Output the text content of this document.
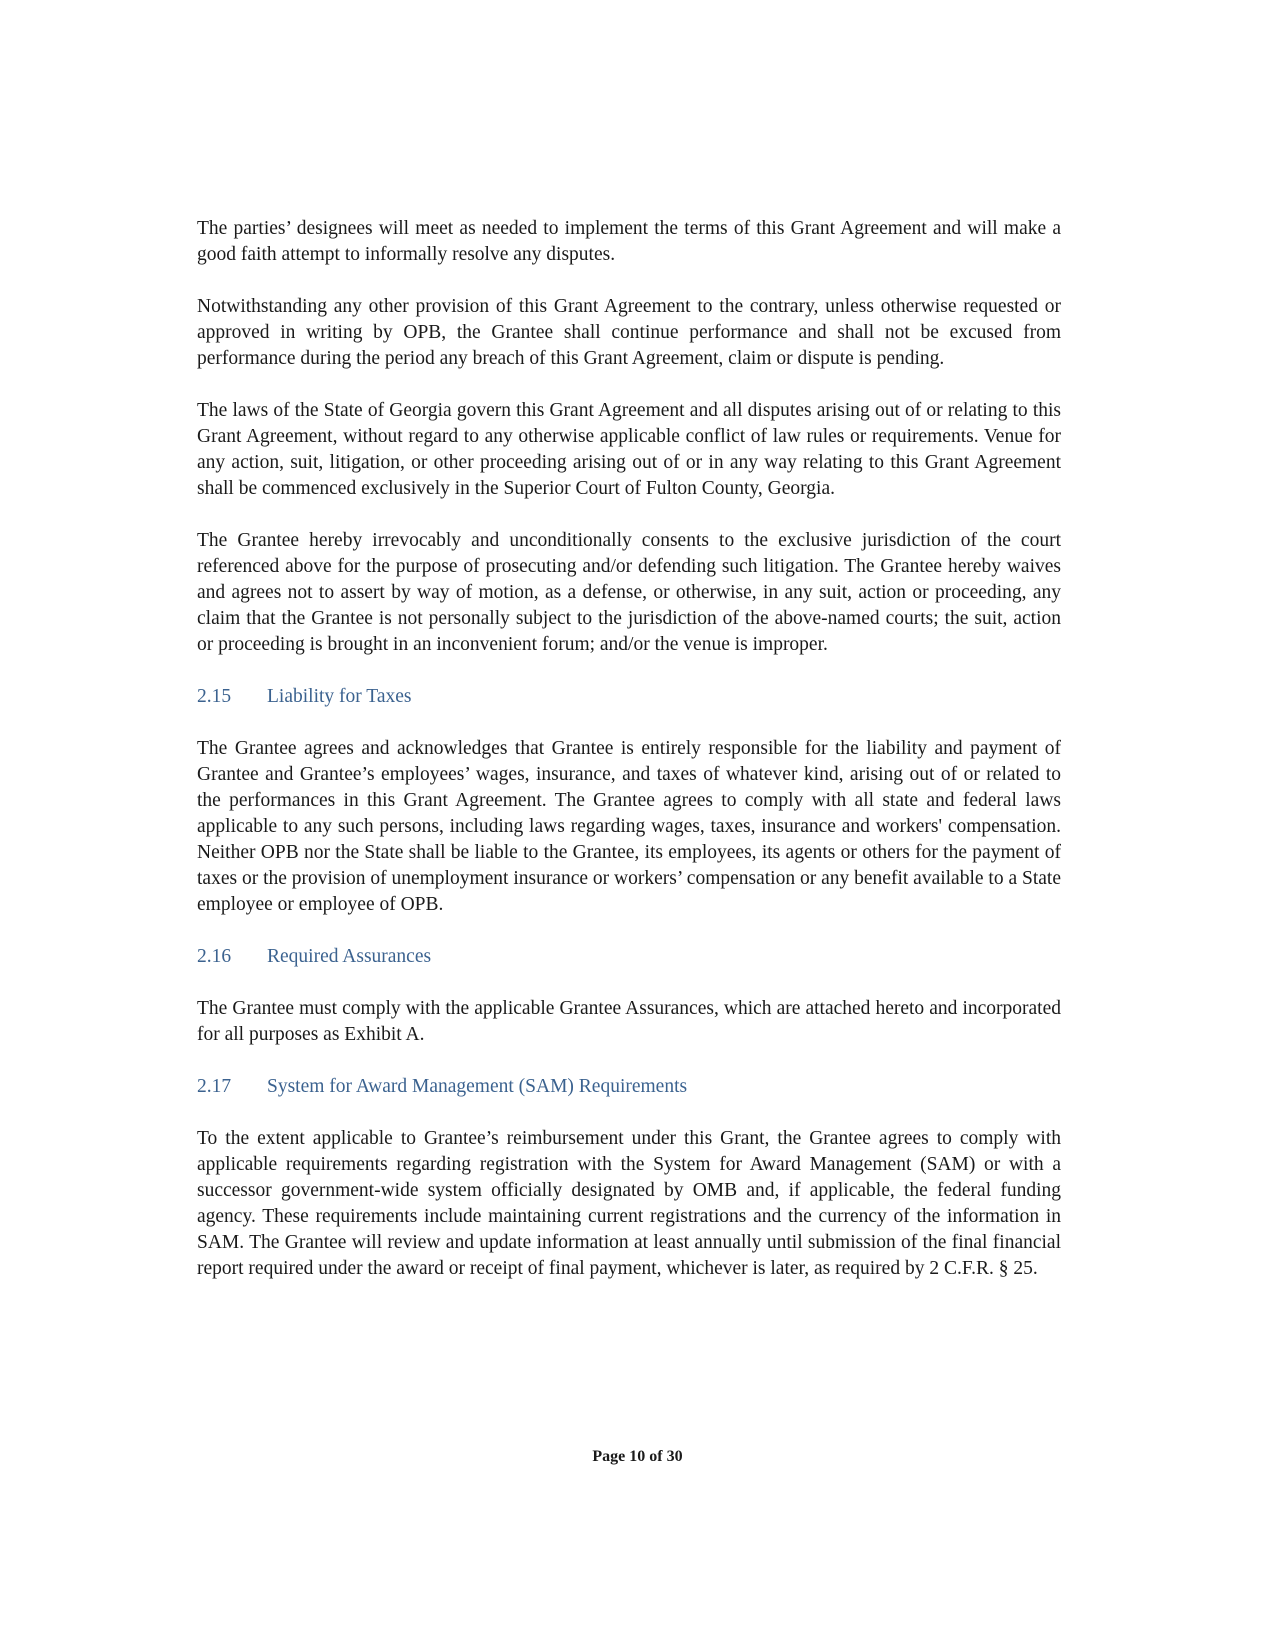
The parties’ designees will meet as needed to implement the terms of this Grant Agreement and will make a good faith attempt to informally resolve any disputes.

Notwithstanding any other provision of this Grant Agreement to the contrary, unless otherwise requested or approved in writing by OPB, the Grantee shall continue performance and shall not be excused from performance during the period any breach of this Grant Agreement, claim or dispute is pending.

The laws of the State of Georgia govern this Grant Agreement and all disputes arising out of or relating to this Grant Agreement, without regard to any otherwise applicable conflict of law rules or requirements. Venue for any action, suit, litigation, or other proceeding arising out of or in any way relating to this Grant Agreement shall be commenced exclusively in the Superior Court of Fulton County, Georgia.

The Grantee hereby irrevocably and unconditionally consents to the exclusive jurisdiction of the court referenced above for the purpose of prosecuting and/or defending such litigation. The Grantee hereby waives and agrees not to assert by way of motion, as a defense, or otherwise, in any suit, action or proceeding, any claim that the Grantee is not personally subject to the jurisdiction of the above-named courts; the suit, action or proceeding is brought in an inconvenient forum; and/or the venue is improper.

2.15 Liability for Taxes

The Grantee agrees and acknowledges that Grantee is entirely responsible for the liability and payment of Grantee and Grantee’s employees’ wages, insurance, and taxes of whatever kind, arising out of or related to the performances in this Grant Agreement. The Grantee agrees to comply with all state and federal laws applicable to any such persons, including laws regarding wages, taxes, insurance and workers' compensation. Neither OPB nor the State shall be liable to the Grantee, its employees, its agents or others for the payment of taxes or the provision of unemployment insurance or workers’ compensation or any benefit available to a State employee or employee of OPB.

2.16 Required Assurances

The Grantee must comply with the applicable Grantee Assurances, which are attached hereto and incorporated for all purposes as Exhibit A.

2.17 System for Award Management (SAM) Requirements

To the extent applicable to Grantee’s reimbursement under this Grant, the Grantee agrees to comply with applicable requirements regarding registration with the System for Award Management (SAM) or with a successor government-wide system officially designated by OMB and, if applicable, the federal funding agency. These requirements include maintaining current registrations and the currency of the information in SAM. The Grantee will review and update information at least annually until submission of the final financial report required under the award or receipt of final payment, whichever is later, as required by 2 C.F.R. § 25.

Page 10 of 30
